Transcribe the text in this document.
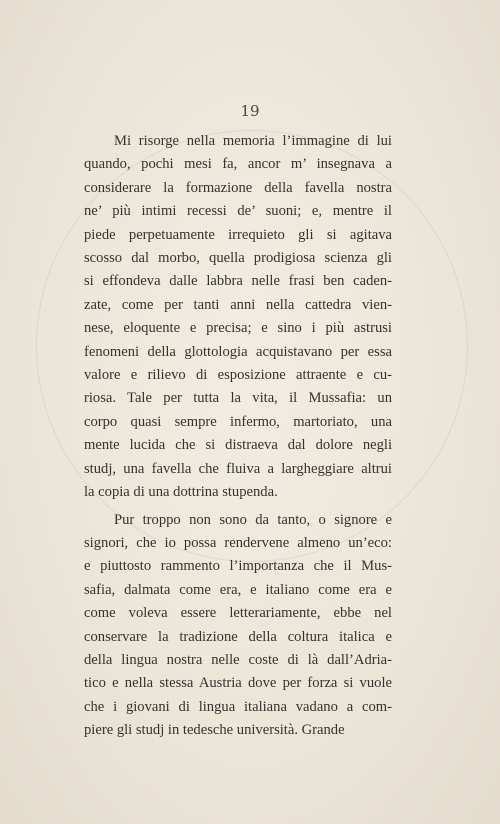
19
Mi risorge nella memoria l’immagine di lui
quando, pochi mesi fa, ancor m’ insegnava a
considerare la formazione della favella nostra
ne’ più intimi recessi de’ suoni; e, mentre il
piede perpetuamente irrequieto gli si agitava
scosso dal morbo, quella prodigiosa scienza gli
si effondeva dalle labbra nelle frasi ben caden-
zate, come per tanti anni nella cattedra vien-
nese, eloquente e precisa; e sino i più astrusi
fenomeni della glottologia acquistavano per essa
valore e rilievo di esposizione attraente e cu-
riosa. Tale per tutta la vita, il Mussafia: un
corpo quasi sempre infermo, martoriato, una
mente lucida che si distraeva dal dolore negli
studj, una favella che fluiva a largheggiare altrui
la copia di una dottrina stupenda.
Pur troppo non sono da tanto, o signore e
signori, che io possa rendervene almeno un’eco:
e piuttosto rammento l’importanza che il Mus-
safia, dalmata come era, e italiano come era e
come voleva essere letterariamente, ebbe nel
conservare la tradizione della coltura italica e
della lingua nostra nelle coste di là dall’Adria-
tico e nella stessa Austria dove per forza si vuole
che i giovani di lingua italiana vadano a com-
piere gli studj in tedesche università. Grande
